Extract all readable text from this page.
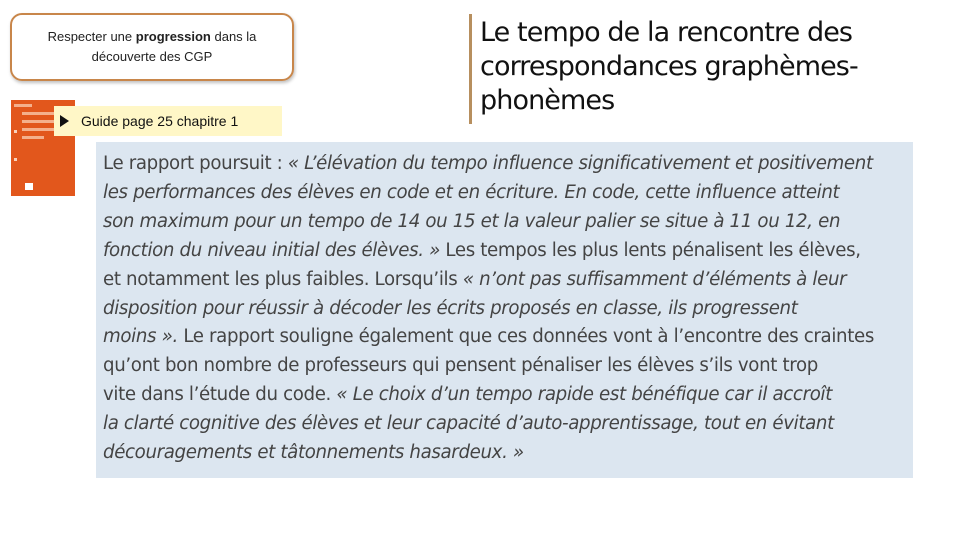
Respecter une progression dans la
découverte des CGP
Guide page 25 chapitre 1
Le tempo de la rencontre des
correspondances graphèmes-
phonèmes
Le rapport poursuit : « L’élévation du tempo influence significativement et positivement
les performances des élèves en code et en écriture. En code, cette influence atteint
son maximum pour un tempo de 14 ou 15 et la valeur palier se situe à 11 ou 12, en
fonction du niveau initial des élèves. » Les tempos les plus lents pénalisent les élèves,
et notamment les plus faibles. Lorsqu’ils « n’ont pas suffisamment d’éléments à leur
disposition pour réussir à décoder les écrits proposés en classe, ils progressent
moins ». Le rapport souligne également que ces données vont à l’encontre des craintes
qu’ont bon nombre de professeurs qui pensent pénaliser les élèves s’ils vont trop
vite dans l’étude du code. « Le choix d’un tempo rapide est bénéfique car il accroît
la clarté cognitive des élèves et leur capacité d’auto-apprentissage, tout en évitant
découragements et tâtonnements hasardeux. »
